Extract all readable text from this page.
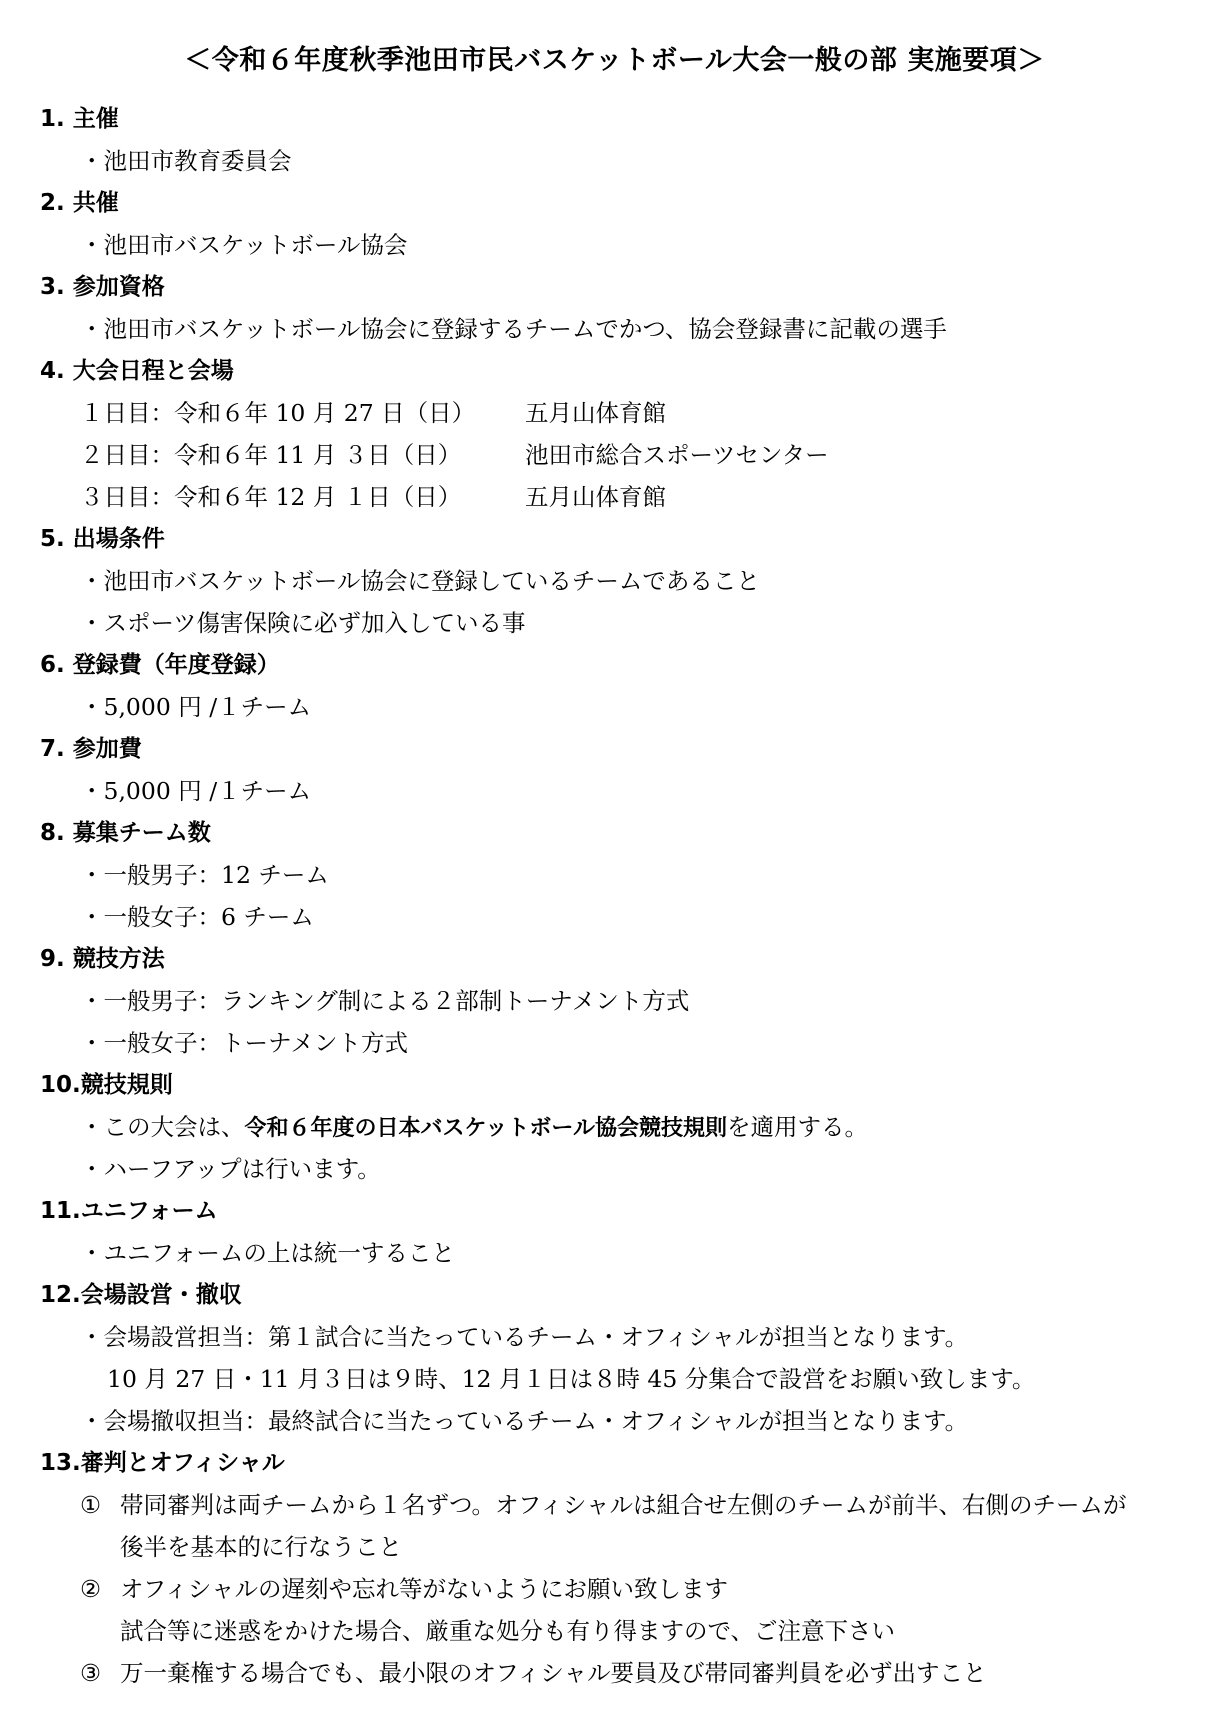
＜令和６年度秋季池田市民バスケットボール大会一般の部 実施要項＞
1. 主催
・池田市教育委員会
2. 共催
・池田市バスケットボール協会
3. 参加資格
・池田市バスケットボール協会に登録するチームでかつ、協会登録書に記載の選手
4. 大会日程と会場
１日目：令和６年 10 月 27 日（日） 五月山体育館
２日目：令和６年 11 月 ３日（日）	池田市総合スポーツセンター
３日目：令和６年 12 月 １日（日）	五月山体育館
5. 出場条件
・池田市バスケットボール協会に登録しているチームであること
・スポーツ傷害保険に必ず加入している事
6. 登録費（年度登録）
・5,000 円 /１チーム
7. 参加費
・5,000 円 /１チーム
8. 募集チーム数
・一般男子：12 チーム
・一般女子：6 チーム
9. 競技方法
・一般男子：ランキング制による２部制トーナメント方式
・一般女子：トーナメント方式
10.競技規則
・この大会は、令和６年度の日本バスケットボール協会競技規則を適用する。
・ハーフアップは行います。
11.ユニフォーム
・ユニフォームの上は統一すること
12.会場設営・撤収
・会場設営担当：第１試合に当たっているチーム・オフィシャルが担当となります。
10 月 27 日・11 月３日は９時、12 月１日は８時 45 分集合で設営をお願い致します。
・会場撤収担当：最終試合に当たっているチーム・オフィシャルが担当となります。
13.審判とオフィシャル
① 帯同審判は両チームから１名ずつ。オフィシャルは組合せ左側のチームが前半、右側のチームが
後半を基本的に行なうこと
② オフィシャルの遅刻や忘れ等がないようにお願い致します
試合等に迷惑をかけた場合、厳重な処分も有り得ますので、ご注意下さい
③ 万一棄権する場合でも、最小限のオフィシャル要員及び帯同審判員を必ず出すこと
